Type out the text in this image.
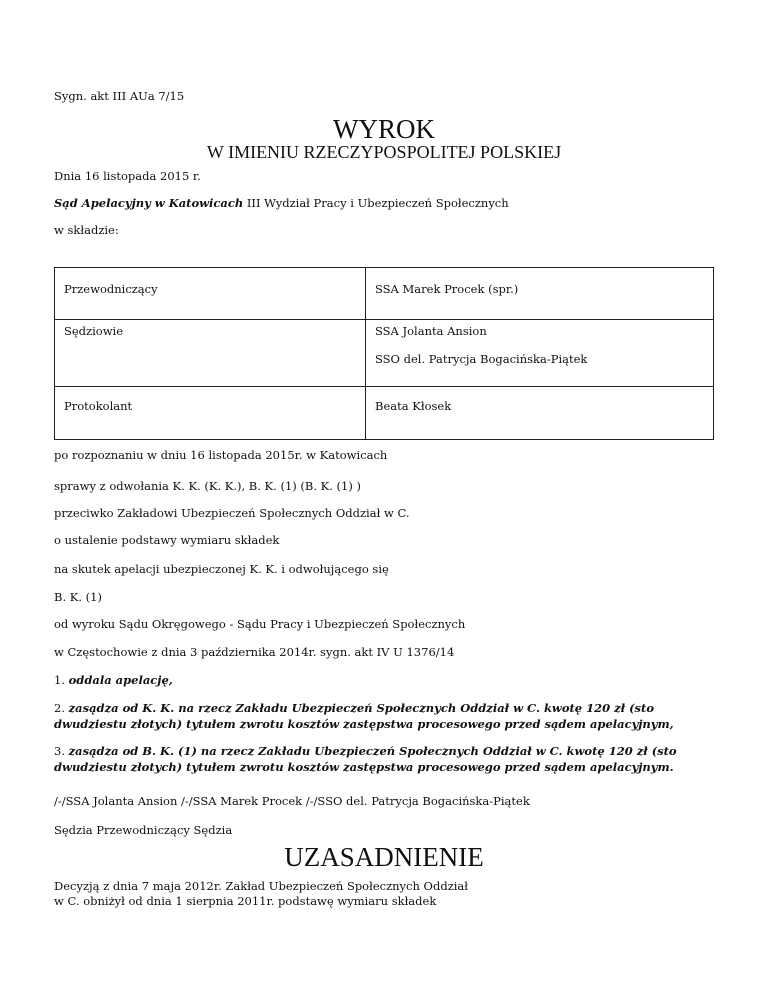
Sygn. akt III AUa 7/15

WYROK
W IMIENIU RZECZYPOSPOLITEJ POLSKIEJ

Dnia 16 listopada 2015 r.

Sąd Apelacyjny w Katowicach III Wydział Pracy i Ubezpieczeń Społecznych

w składzie:

Przewodniczący	SSA Marek Procek (spr.)

Sędziowie	SSA Jolanta Ansion
SSO del. Patrycja Bogacińska-Piątek

Protokolant	Beata Kłosek

po rozpoznaniu w dniu 16 listopada 2015r. w Katowicach

sprawy z odwołania K. K. (K. K.), B. K. (1) (B. K. (1) )

przeciwko Zakładowi Ubezpieczeń Społecznych Oddział w C.

o ustalenie podstawy wymiaru składek

na skutek apelacji ubezpieczonej K. K. i odwołującego się

B. K. (1)

od wyroku Sądu Okręgowego - Sądu Pracy i Ubezpieczeń Społecznych

w Częstochowie z dnia 3 października 2014r. sygn. akt IV U 1376/14

1. oddala apelację,

2. zasądza od K. K. na rzecz Zakładu Ubezpieczeń Społecznych Oddział w C. kwotę 120 zł (sto dwudziestu złotych) tytułem zwrotu kosztów zastępstwa procesowego przed sądem apelacyjnym,

3. zasądza od B. K. (1) na rzecz Zakładu Ubezpieczeń Społecznych Oddział w C. kwotę 120 zł (sto dwudziestu złotych) tytułem zwrotu kosztów zastępstwa procesowego przed sądem apelacyjnym.

/-/SSA Jolanta Ansion /-/SSA Marek Procek /-/SSO del. Patrycja Bogacińska-Piątek

Sędzia Przewodniczący Sędzia

UZASADNIENIE

Decyzją z dnia 7 maja 2012r. Zakład Ubezpieczeń Społecznych Oddział

w C. obniżył od dnia 1 sierpnia 2011r. podstawę wymiaru składek
